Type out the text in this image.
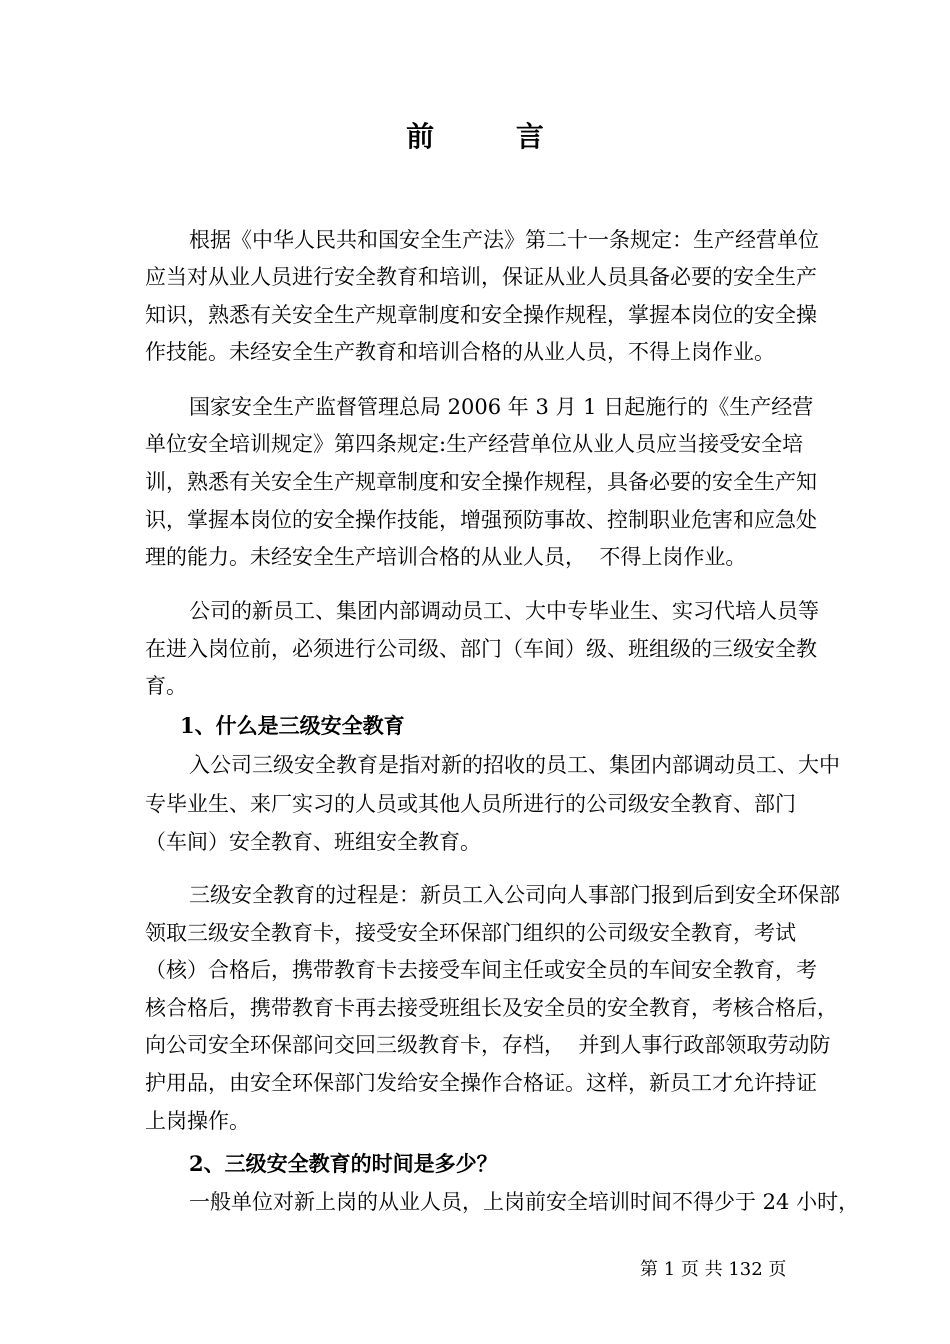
前 言
根据《中华人民共和国安全生产法》第二十一条规定：生产经营单位
应当对从业人员进行安全教育和培训，保证从业人员具备必要的安全生产
知识，熟悉有关安全生产规章制度和安全操作规程，掌握本岗位的安全操
作技能。未经安全生产教育和培训合格的从业人员，不得上岗作业。
国家安全生产监督管理总局 2006 年 3 月 1 日起施行的《生产经营
单位安全培训规定》第四条规定:生产经营单位从业人员应当接受安全培
训，熟悉有关安全生产规章制度和安全操作规程，具备必要的安全生产知
识，掌握本岗位的安全操作技能，增强预防事故、控制职业危害和应急处
理的能力。未经安全生产培训合格的从业人员，  不得上岗作业。
公司的新员工、集团内部调动员工、大中专毕业生、实习代培人员等
在进入岗位前，必须进行公司级、部门（车间）级、班组级的三级安全教
育。
1、什么是三级安全教育
入公司三级安全教育是指对新的招收的员工、集团内部调动员工、大中
专毕业生、来厂实习的人员或其他人员所进行的公司级安全教育、部门
（车间）安全教育、班组安全教育。
三级安全教育的过程是：新员工入公司向人事部门报到后到安全环保部
领取三级安全教育卡，接受安全环保部门组织的公司级安全教育，考试
（核）合格后，携带教育卡去接受车间主任或安全员的车间安全教育，考
核合格后，携带教育卡再去接受班组长及安全员的安全教育，考核合格后，
向公司安全环保部问交回三级教育卡，存档，  并到人事行政部领取劳动防
护用品，由安全环保部门发给安全操作合格证。这样，新员工才允许持证
上岗操作。
2、三级安全教育的时间是多少？
一般单位对新上岗的从业人员，上岗前安全培训时间不得少于 24 小时，
第 1 页 共 132 页
